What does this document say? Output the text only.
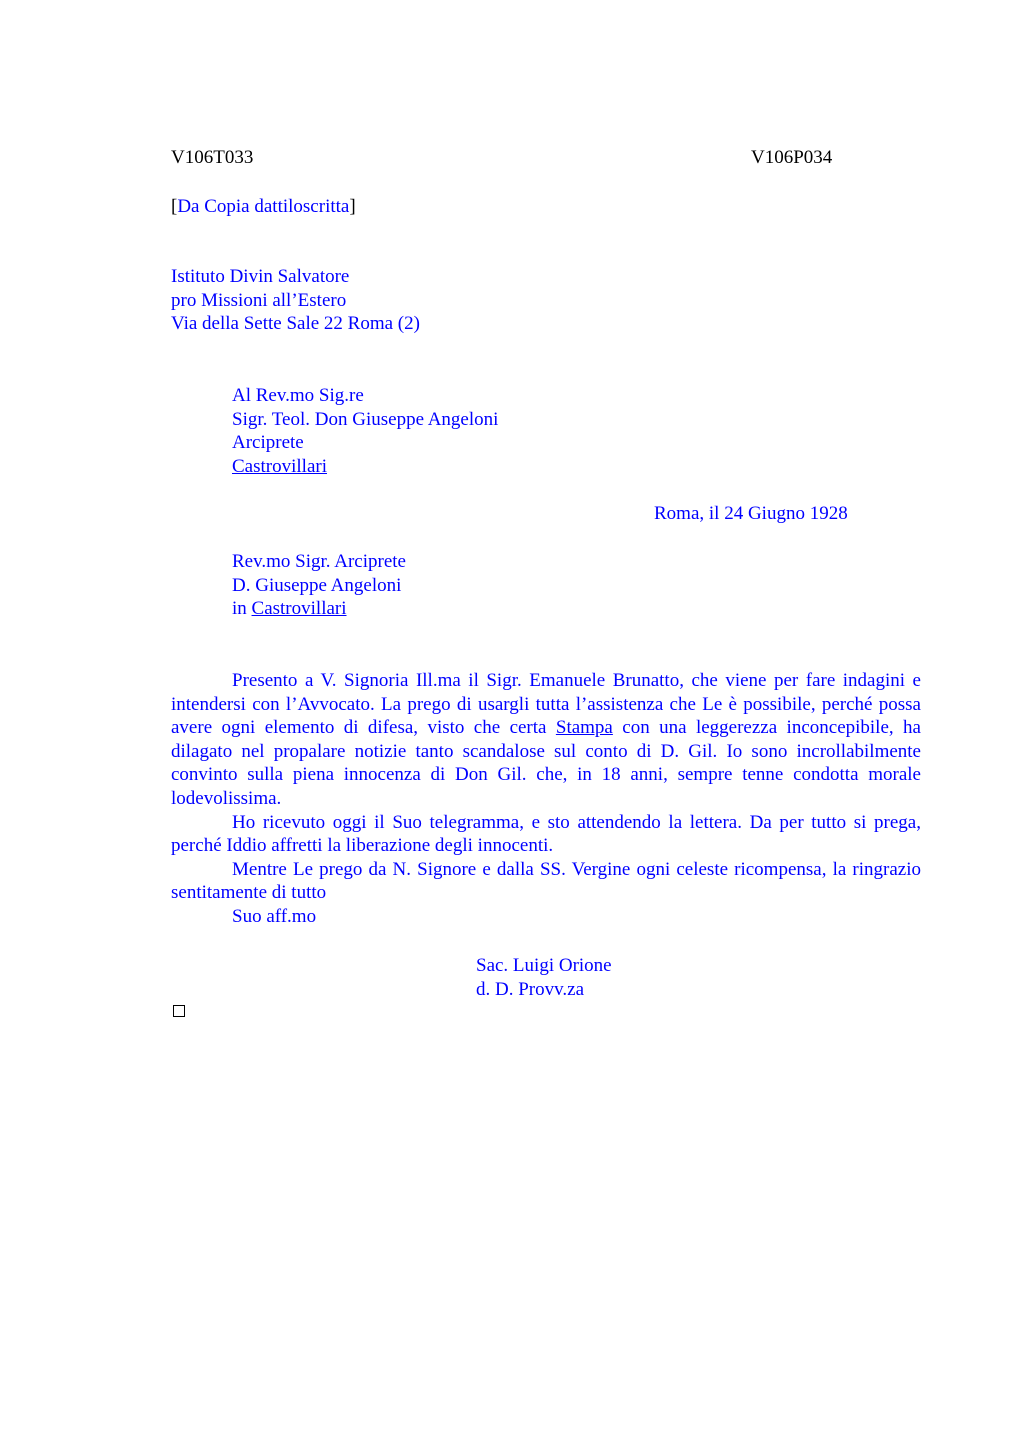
V106T033	V106P034
[Da Copia dattiloscritta]
Istituto Divin Salvatore
pro Missioni all’Estero
Via della Sette Sale 22 Roma (2)
Al Rev.mo Sig.re
Sigr. Teol. Don Giuseppe Angeloni
Arciprete
Castrovillari
Roma, il 24 Giugno 1928
Rev.mo Sigr. Arciprete
D. Giuseppe Angeloni
in Castrovillari

Presento a V. Signoria Ill.ma il Sigr. Emanuele Brunatto, che viene per fare indagini e intendersi con l’Avvocato. La prego di usargli tutta l’assistenza che Le è possibile, perché possa avere ogni elemento di difesa, visto che certa Stampa con una leggerezza inconcepibile, ha dilagato nel propalare notizie tanto scandalose sul conto di D. Gil. Io sono incrollabilmente convinto sulla piena innocenza di Don Gil. che, in 18 anni, sempre tenne condotta morale lodevolissima.

Ho ricevuto oggi il Suo telegramma, e sto attendendo la lettera. Da per tutto si prega, perché Iddio affretti la liberazione degli innocenti.

Mentre Le prego da N. Signore e dalla SS. Vergine ogni celeste ricompensa, la ringrazio sentitamente di tutto

Suo aff.mo
Sac. Luigi Orione
d. D. Provv.za
